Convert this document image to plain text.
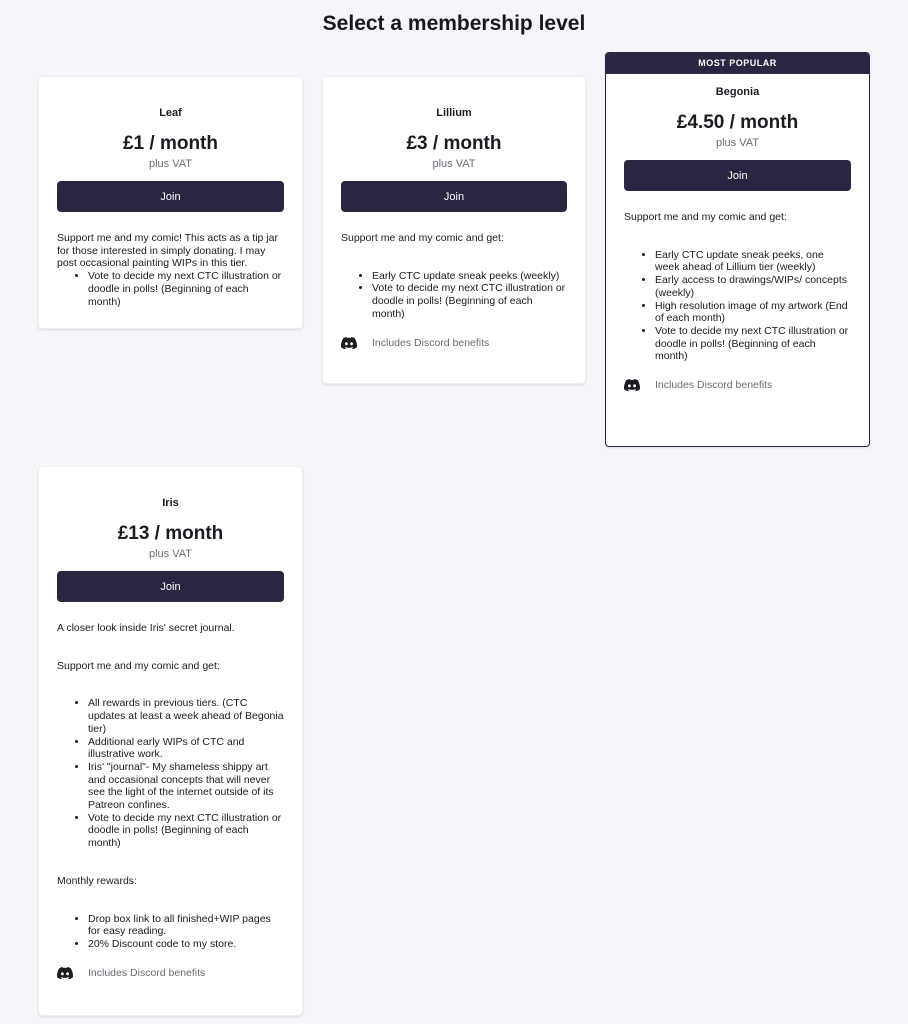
Select a membership level
Leaf
£1 / month
plus VAT
Join

Support me and my comic! This acts as a tip jar for those interested in simply donating. I may post occasional painting WIPs in this tier.

• Vote to decide my next CTC illustration or doodle in polls! (Beginning of each month)
Lillium
£3 / month
plus VAT
Join

Support me and my comic and get:

• Early CTC update sneak peeks (weekly)
• Vote to decide my next CTC illustration or doodle in polls! (Beginning of each month)
Includes Discord benefits
MOST POPULAR
Begonia
£4.50 / month
plus VAT
Join

Support me and my comic and get:

• Early CTC update sneak peeks, one week ahead of Lillium tier (weekly)
• Early access to drawings/WIPs/ concepts (weekly)
• High resolution image of my artwork (End of each month)
• Vote to decide my next CTC illustration or doodle in polls! (Beginning of each month)
Includes Discord benefits
Iris
£13 / month
plus VAT
Join

A closer look inside Iris' secret journal.

Support me and my comic and get:

• All rewards in previous tiers. (CTC updates at least a week ahead of Begonia tier)
• Additional early WIPs of CTC and illustrative work.
• Iris' "journal"- My shameless shippy art and occasional concepts that will never see the light of the internet outside of its Patreon confines.
• Vote to decide my next CTC illustration or doodle in polls! (Beginning of each month)

Monthly rewards:

• Drop box link to all finished+WIP pages for easy reading.
• 20% Discount code to my store.
Includes Discord benefits
